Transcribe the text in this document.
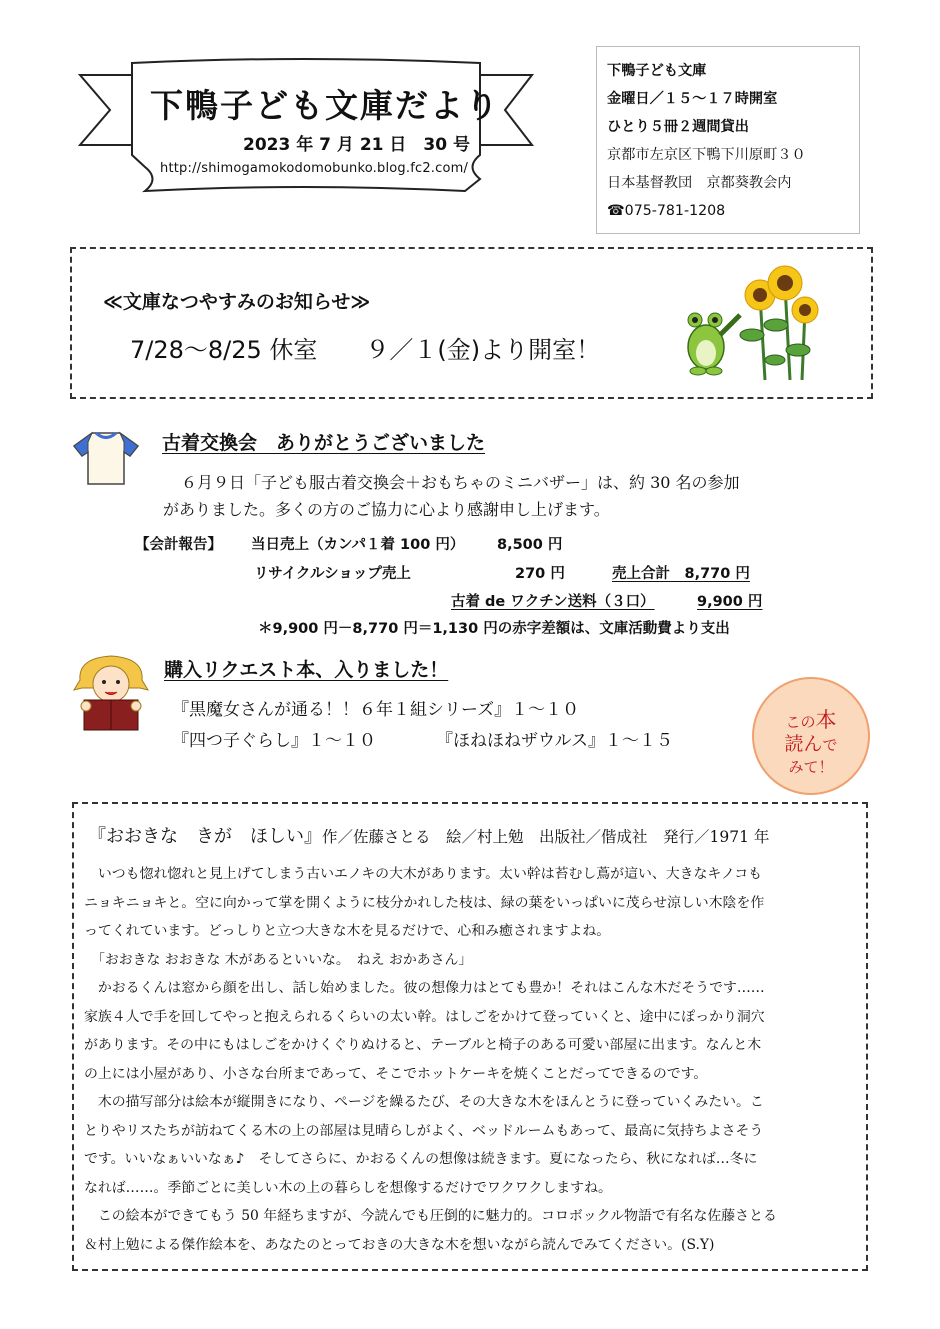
下鴨子ども文庫だより
2023 年 7 月 21 日　30 号
http://shimogamokodomobunko.blog.fc2.com/
下鴨子ども文庫
金曜日／１５～１７時開室
ひとり５冊２週間貸出
京都市左京区下鴨下川原町３０
日本基督教団　京都葵教会内
☎075-781-1208
≪文庫なつやすみのお知らせ≫
7/28～8/25 休室　　９／１(金)より開室！
古着交換会　ありがとうございました
６月９日「子ども服古着交換会＋おもちゃのミニバザー」は、約 30 名の参加
がありました。多くの方のご協力に心より感謝申し上げます。
【会計報告】 当日売上（カンパ１着 100 円） 8,500 円
リサイクルショップ売上	270 円	売上合計　8,770 円
古着 de ワクチン送料（３口）	9,900 円
＊9,900 円－8,770 円＝1,130 円の赤字差額は、文庫活動費より支出
購入リクエスト本、入りました！
『黒魔女さんが通る！！６年１組シリーズ』１～１０
『四つ子ぐらし』１～１０	『ほねほねザウルス』１～１５
この本
読んで
みて！
『おおきな　きが　ほしい』作／佐藤さとる　絵／村上勉　出版社／偕成社　発行／1971 年
　いつも惚れ惚れと見上げてしまう古いエノキの大木があります。太い幹は苔むし蔦が這い、大きなキノコも
ニョキニョキと。空に向かって掌を開くように枝分かれした枝は、緑の葉をいっぱいに茂らせ涼しい木陰を作
ってくれています。どっしりと立つ大きな木を見るだけで、心和み癒されますよね。
　「おおきな おおきな 木があるといいな。　ねえ おかあさん」
　かおるくんは窓から顔を出し、話し始めました。彼の想像力はとても豊か！それはこんな木だそうです……
家族４人で手を回してやっと抱えられるくらいの太い幹。はしごをかけて登っていくと、途中にぽっかり洞穴
があります。その中にもはしごをかけくぐりぬけると、テーブルと椅子のある可愛い部屋に出ます。なんと木
の上には小屋があり、小さな台所まであって、そこでホットケーキを焼くことだってできるのです。
　木の描写部分は絵本が縦開きになり、ページを繰るたび、その大きな木をほんとうに登っていくみたい。こ
とりやリスたちが訪ねてくる木の上の部屋は見晴らしがよく、ベッドルームもあって、最高に気持ちよさそう
です。いいなぁいいなぁ♪　そしてさらに、かおるくんの想像は続きます。夏になったら、秋になれば…冬に
なれば……。季節ごとに美しい木の上の暮らしを想像するだけでワクワクしますね。
　この絵本ができてもう 50 年経ちますが、今読んでも圧倒的に魅力的。コロボックル物語で有名な佐藤さとる
＆村上勉による傑作絵本を、あなたのとっておきの大きな木を想いながら読んでみてください。(S.Y)
